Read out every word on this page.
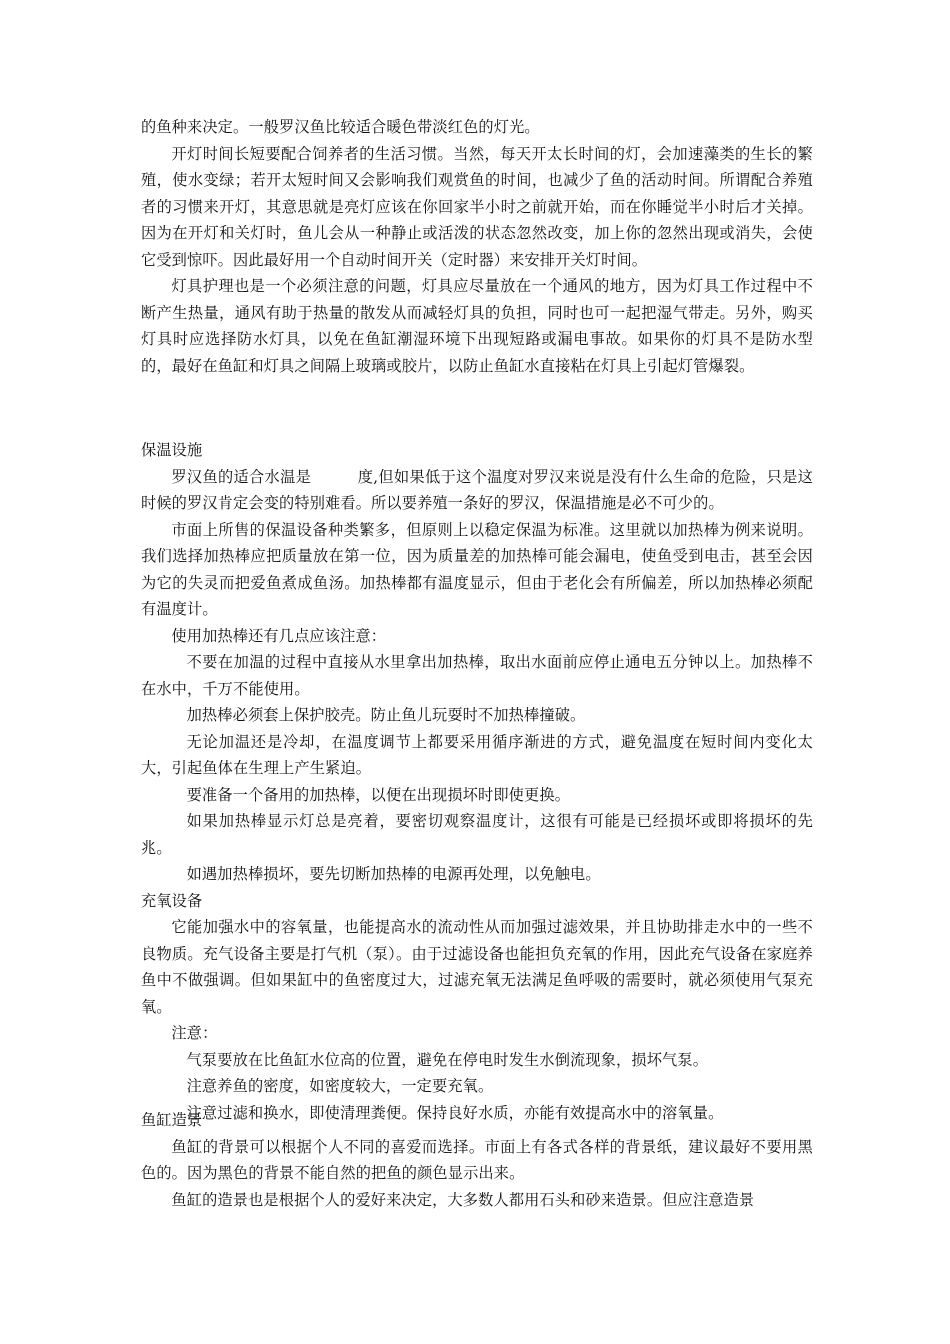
的鱼种来决定。一般罗汉鱼比较适合暖色带淡红色的灯光。

开灯时间长短要配合饲养者的生活习惯。当然，每天开太长时间的灯，会加速藻类的生长的繁殖，使水变绿；若开太短时间又会影响我们观赏鱼的时间，也减少了鱼的活动时间。所谓配合养殖者的习惯来开灯，其意思就是亮灯应该在你回家半小时之前就开始，而在你睡觉半小时后才关掉。因为在开灯和关灯时，鱼儿会从一种静止或活泼的状态忽然改变，加上你的忽然出现或消失，会使它受到惊吓。因此最好用一个自动时间开关（定时器）来安排开关灯时间。

灯具护理也是一个必须注意的问题，灯具应尽量放在一个通风的地方，因为灯具工作过程中不断产生热量，通风有助于热量的散发从而减轻灯具的负担，同时也可一起把湿气带走。另外，购买灯具时应选择防水灯具，以免在鱼缸潮湿环境下出现短路或漏电事故。如果你的灯具不是防水型的，最好在鱼缸和灯具之间隔上玻璃或胶片，以防止鱼缸水直接粘在灯具上引起灯管爆裂。

保温设施

罗汉鱼的适合水温是　　　度,但如果低于这个温度对罗汉来说是没有什么生命的危险，只是这时候的罗汉肯定会变的特别难看。所以要养殖一条好的罗汉，保温措施是必不可少的。

市面上所售的保温设备种类繁多，但原则上以稳定保温为标准。这里就以加热棒为例来说明。我们选择加热棒应把质量放在第一位，因为质量差的加热棒可能会漏电，使鱼受到电击，甚至会因为它的失灵而把爱鱼煮成鱼汤。加热棒都有温度显示，但由于老化会有所偏差，所以加热棒必须配有温度计。

使用加热棒还有几点应该注意：

不要在加温的过程中直接从水里拿出加热棒，取出水面前应停止通电五分钟以上。加热棒不在水中，千万不能使用。

加热棒必须套上保护胶壳。防止鱼儿玩耍时不加热棒撞破。

无论加温还是冷却，在温度调节上都要采用循序渐进的方式，避免温度在短时间内变化太大，引起鱼体在生理上产生紧迫。

要准备一个备用的加热棒，以便在出现损坏时即使更换。

如果加热棒显示灯总是亮着，要密切观察温度计，这很有可能是已经损坏或即将损坏的先兆。

如遇加热棒损坏，要先切断加热棒的电源再处理，以免触电。

充氧设备

它能加强水中的容氧量，也能提高水的流动性从而加强过滤效果，并且协助排走水中的一些不良物质。充气设备主要是打气机（泵）。由于过滤设备也能担负充氧的作用，因此充气设备在家庭养鱼中不做强调。但如果缸中的鱼密度过大，过滤充氧无法满足鱼呼吸的需要时，就必须使用气泵充氧。

注意：

气泵要放在比鱼缸水位高的位置，避免在停电时发生水倒流现象，损坏气泵。

注意养鱼的密度，如密度较大，一定要充氧。

注意过滤和换水，即使清理粪便。保持良好水质，亦能有效提高水中的溶氧量。

鱼缸造景

鱼缸的背景可以根据个人不同的喜爱而选择。市面上有各式各样的背景纸，建议最好不要用黑色的。因为黑色的背景不能自然的把鱼的颜色显示出来。

鱼缸的造景也是根据个人的爱好来决定，大多数人都用石头和砂来造景。但应注意造景
